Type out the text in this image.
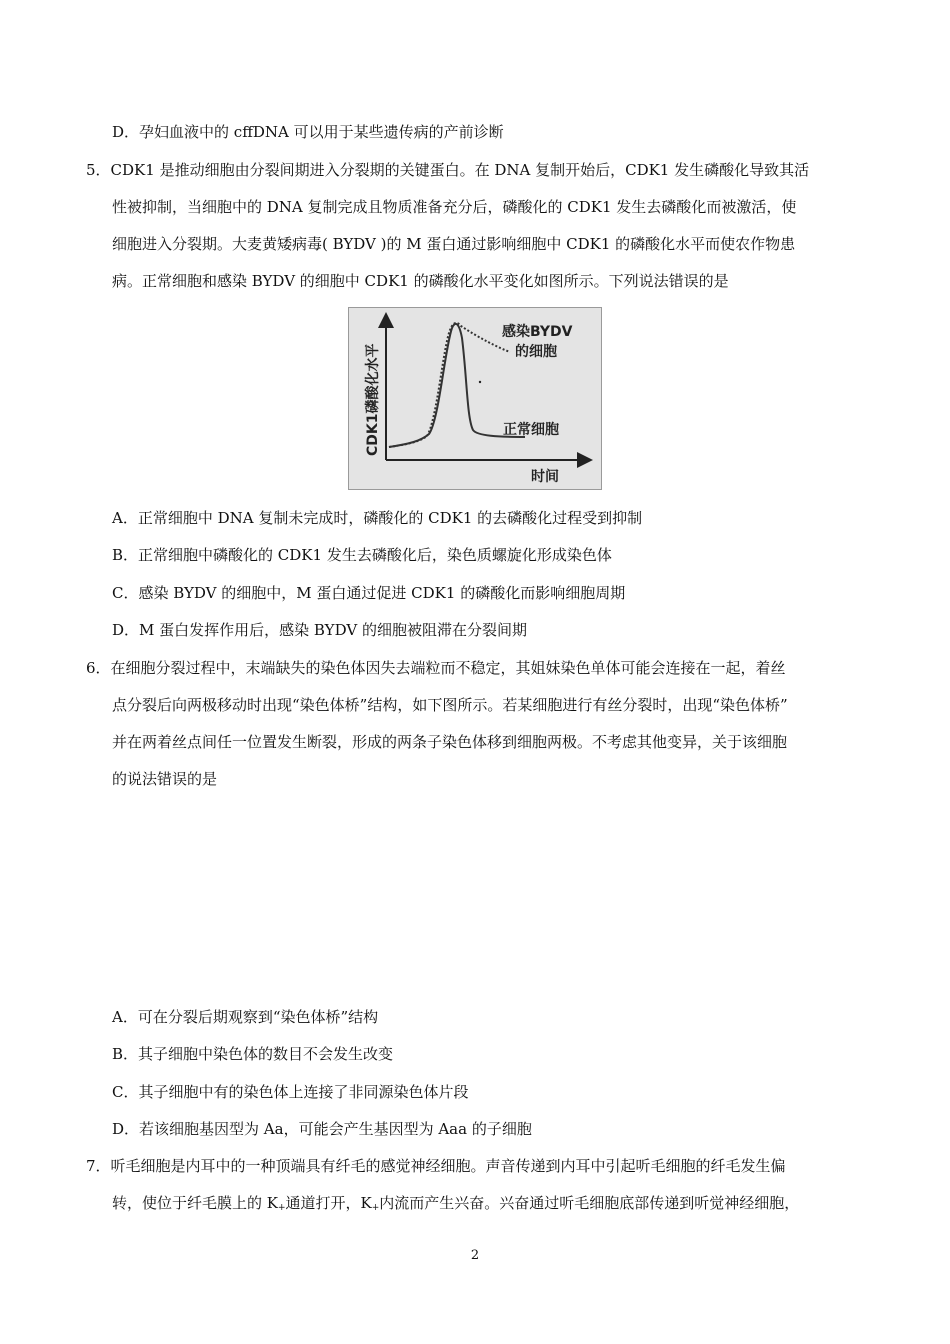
D．孕妇血液中的 cffDNA 可以用于某些遗传病的产前诊断
5．CDK1 是推动细胞由分裂间期进入分裂期的关键蛋白。在 DNA 复制开始后，CDK1 发生磷酸化导致其活
性被抑制，当细胞中的 DNA 复制完成且物质准备充分后，磷酸化的 CDK1 发生去磷酸化而被激活，使
细胞进入分裂期。大麦黄矮病毒( BYDV )的 M 蛋白通过影响细胞中 CDK1 的磷酸化水平而使农作物患
病。正常细胞和感染 BYDV 的细胞中 CDK1 的磷酸化水平变化如图所示。下列说法错误的是
CDK1磷酸化水平
时间
感染BYDV
的细胞
正常细胞
A．正常细胞中 DNA 复制未完成时，磷酸化的 CDK1 的去磷酸化过程受到抑制
B．正常细胞中磷酸化的 CDK1 发生去磷酸化后，染色质螺旋化形成染色体
C．感染 BYDV 的细胞中，M 蛋白通过促进 CDK1 的磷酸化而影响细胞周期
D．M 蛋白发挥作用后，感染 BYDV 的细胞被阻滞在分裂间期
6．在细胞分裂过程中，末端缺失的染色体因失去端粒而不稳定，其姐妹染色单体可能会连接在一起，着丝
点分裂后向两极移动时出现“染色体桥”结构，如下图所示。若某细胞进行有丝分裂时，出现“染色体桥”
并在两着丝点间任一位置发生断裂，形成的两条子染色体移到细胞两极。不考虑其他变异，关于该细胞
的说法错误的是
A．可在分裂后期观察到“染色体桥”结构
B．其子细胞中染色体的数目不会发生改变
C．其子细胞中有的染色体上连接了非同源染色体片段
D．若该细胞基因型为 Aa，可能会产生基因型为 Aaa 的子细胞
7．听毛细胞是内耳中的一种顶端具有纤毛的感觉神经细胞。声音传递到内耳中引起听毛细胞的纤毛发生偏
转，使位于纤毛膜上的 K+通道打开，K+内流而产生兴奋。兴奋通过听毛细胞底部传递到听觉神经细胞，
2
